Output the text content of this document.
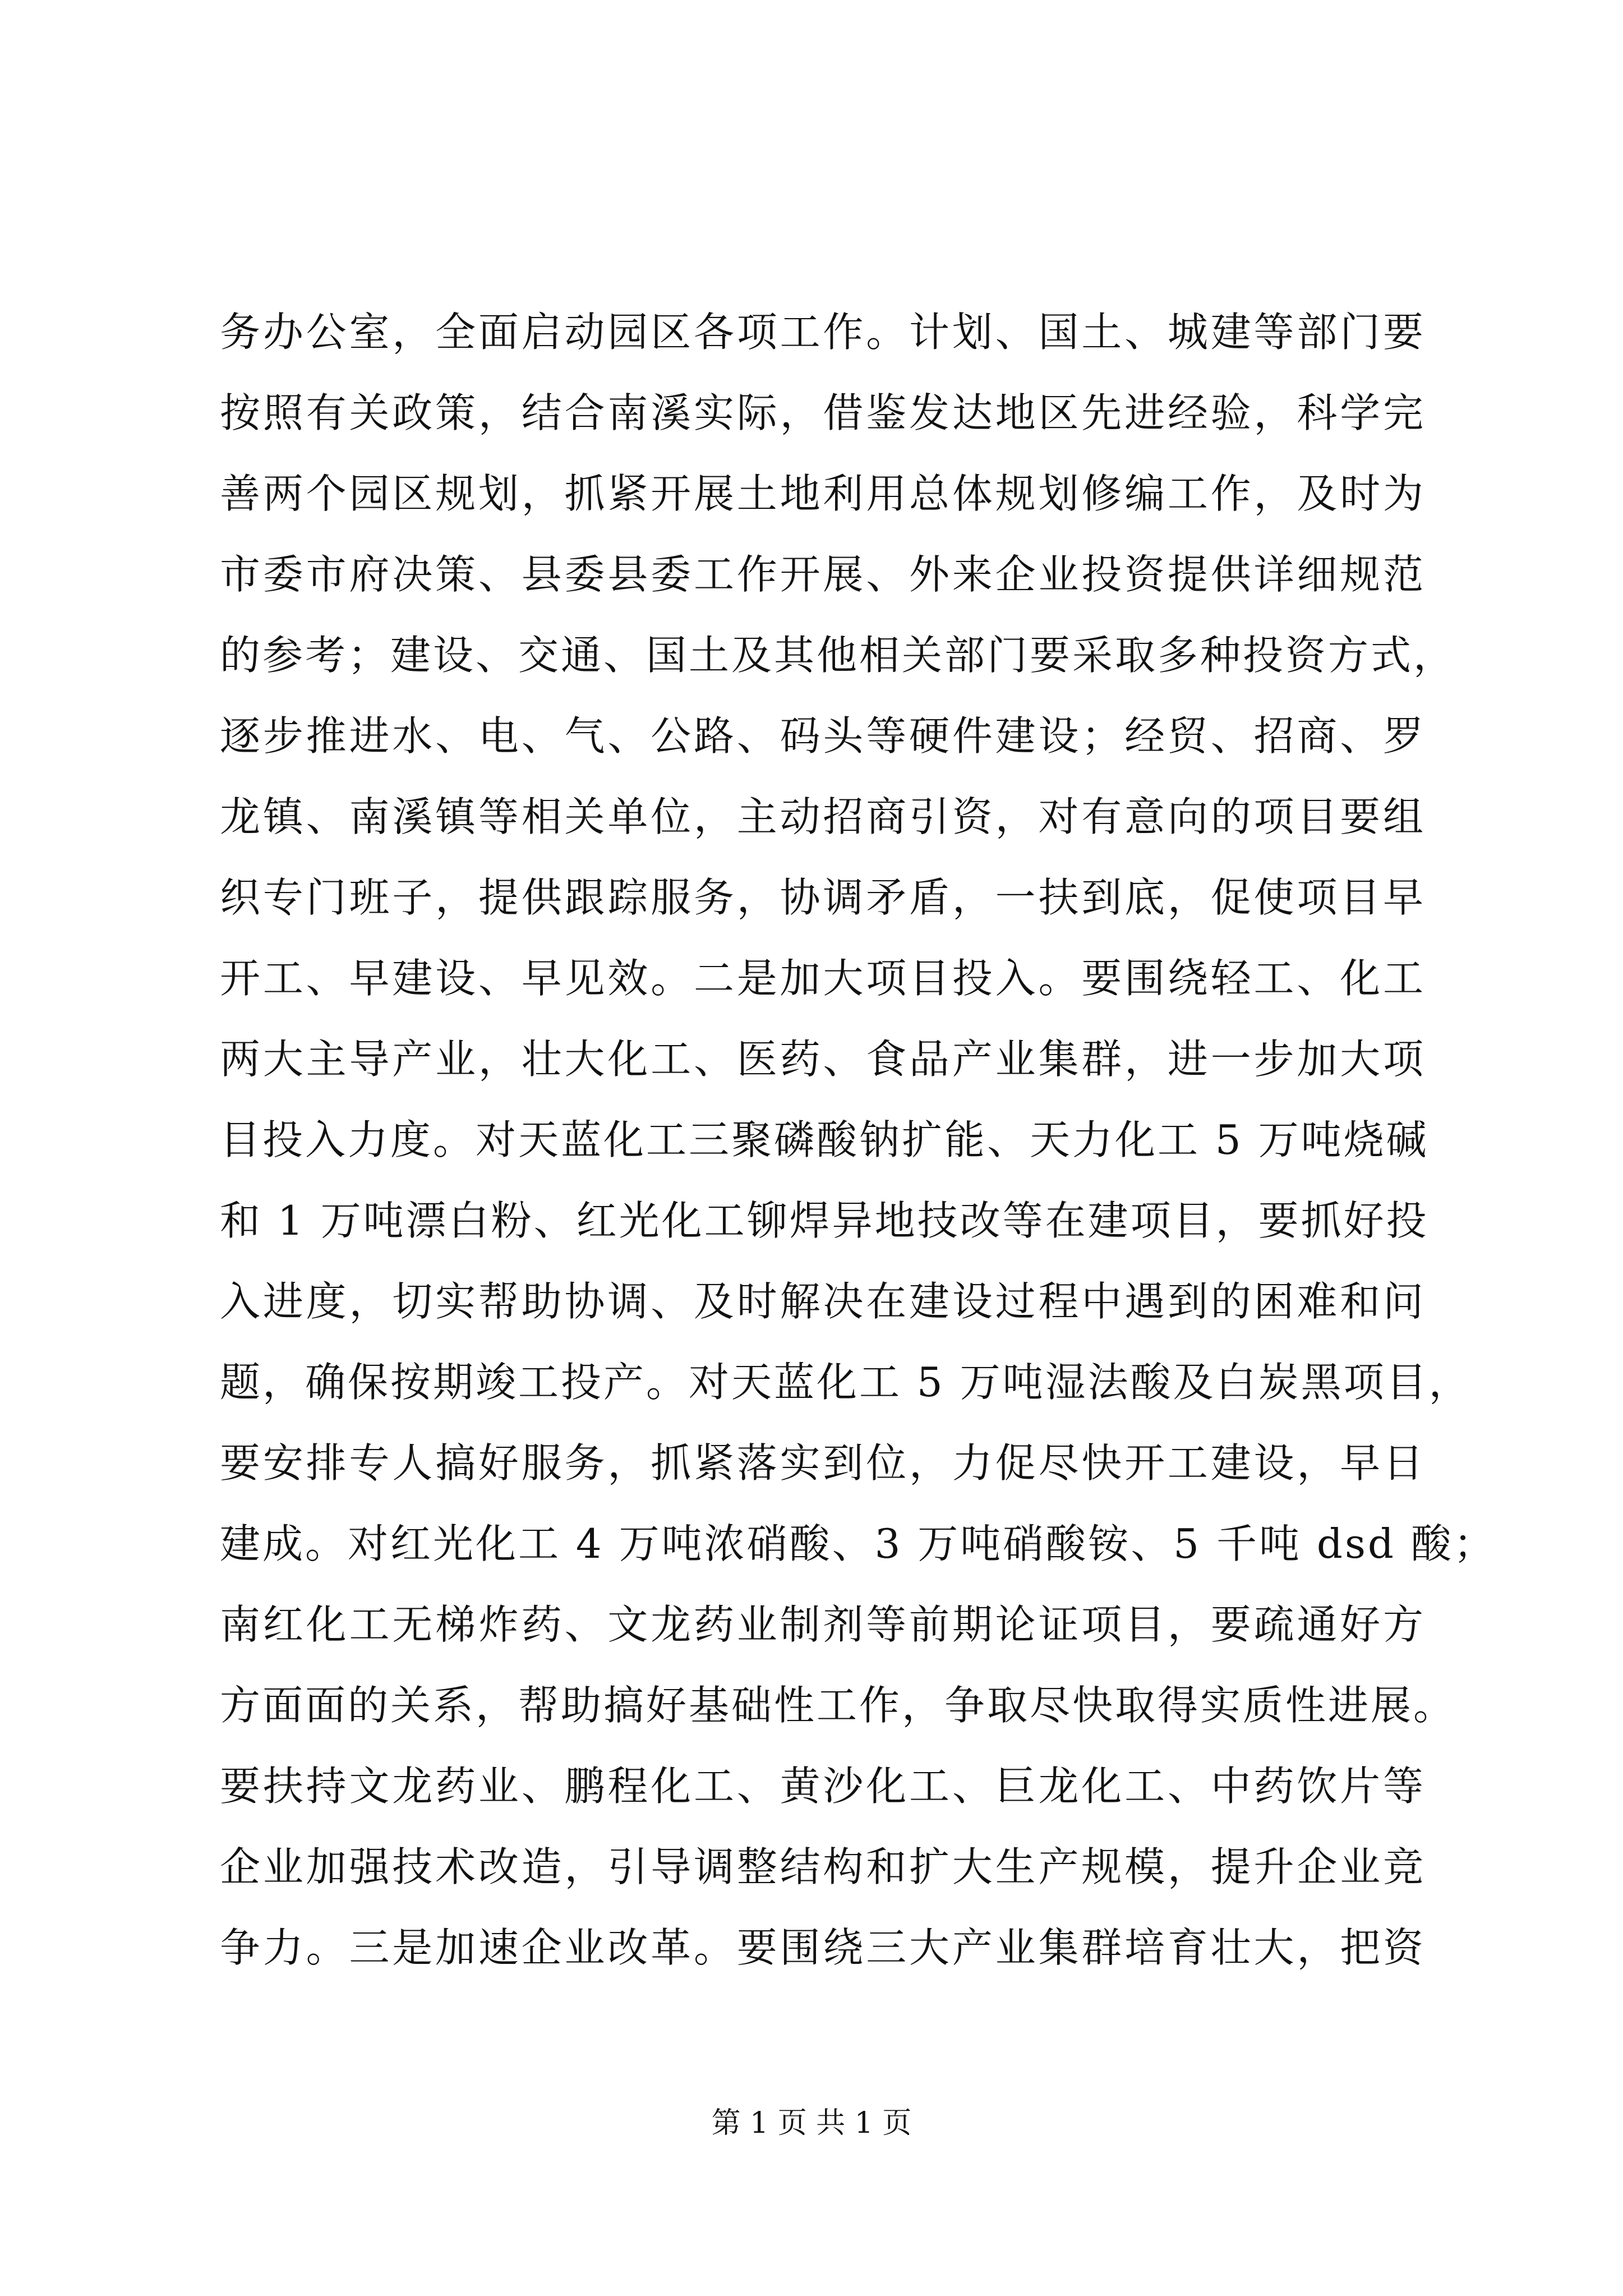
务办公室，全面启动园区各项工作。计划、国土、城建等部门要
按照有关政策，结合南溪实际，借鉴发达地区先进经验，科学完
善两个园区规划，抓紧开展土地利用总体规划修编工作，及时为
市委市府决策、县委县委工作开展、外来企业投资提供详细规范
的参考；建设、交通、国土及其他相关部门要采取多种投资方式，
逐步推进水、电、气、公路、码头等硬件建设；经贸、招商、罗
龙镇、南溪镇等相关单位，主动招商引资，对有意向的项目要组
织专门班子，提供跟踪服务，协调矛盾，一扶到底，促使项目早
开工、早建设、早见效。二是加大项目投入。要围绕轻工、化工
两大主导产业，壮大化工、医药、食品产业集群，进一步加大项
目投入力度。对天蓝化工三聚磷酸钠扩能、天力化工 5 万吨烧碱
和 1 万吨漂白粉、红光化工铆焊异地技改等在建项目，要抓好投
入进度，切实帮助协调、及时解决在建设过程中遇到的困难和问
题，确保按期竣工投产。对天蓝化工 5 万吨湿法酸及白炭黑项目，
要安排专人搞好服务，抓紧落实到位，力促尽快开工建设，早日
建成。对红光化工 4 万吨浓硝酸、3 万吨硝酸铵、5 千吨 dsd 酸；
南红化工无梯炸药、文龙药业制剂等前期论证项目，要疏通好方
方面面的关系，帮助搞好基础性工作，争取尽快取得实质性进展。
要扶持文龙药业、鹏程化工、黄沙化工、巨龙化工、中药饮片等
企业加强技术改造，引导调整结构和扩大生产规模，提升企业竞
争力。三是加速企业改革。要围绕三大产业集群培育壮大，把资
第 1 页 共 1 页
